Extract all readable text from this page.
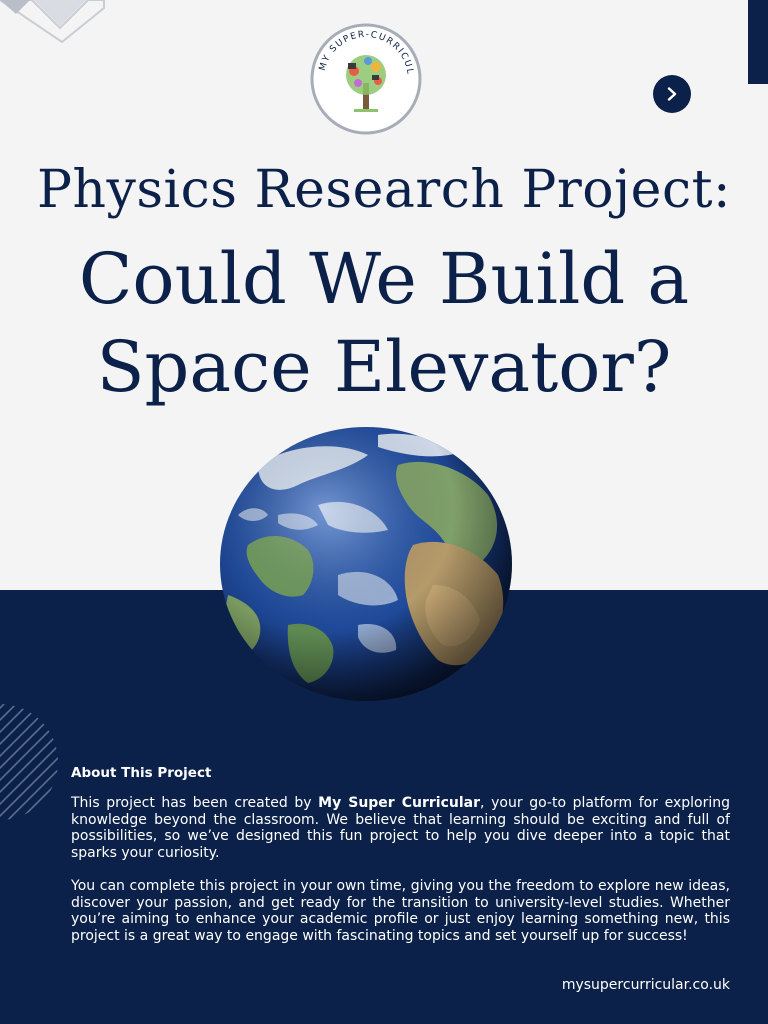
MY SUPER-CURRICUL
Physics Research Project:
Could We Build a
Space Elevator?
About This Project

This project has been created by My Super Curricular, your go-to platform for exploring knowledge beyond the classroom. We believe that learning should be exciting and full of possibilities, so we’ve designed this fun project to help you dive deeper into a topic that sparks your curiosity.

You can complete this project in your own time, giving you the freedom to explore new ideas, discover your passion, and get ready for the transition to university-level studies. Whether you’re aiming to enhance your academic profile or just enjoy learning something new, this project is a great way to engage with fascinating topics and set yourself up for success!

mysupercurricular.co.uk
